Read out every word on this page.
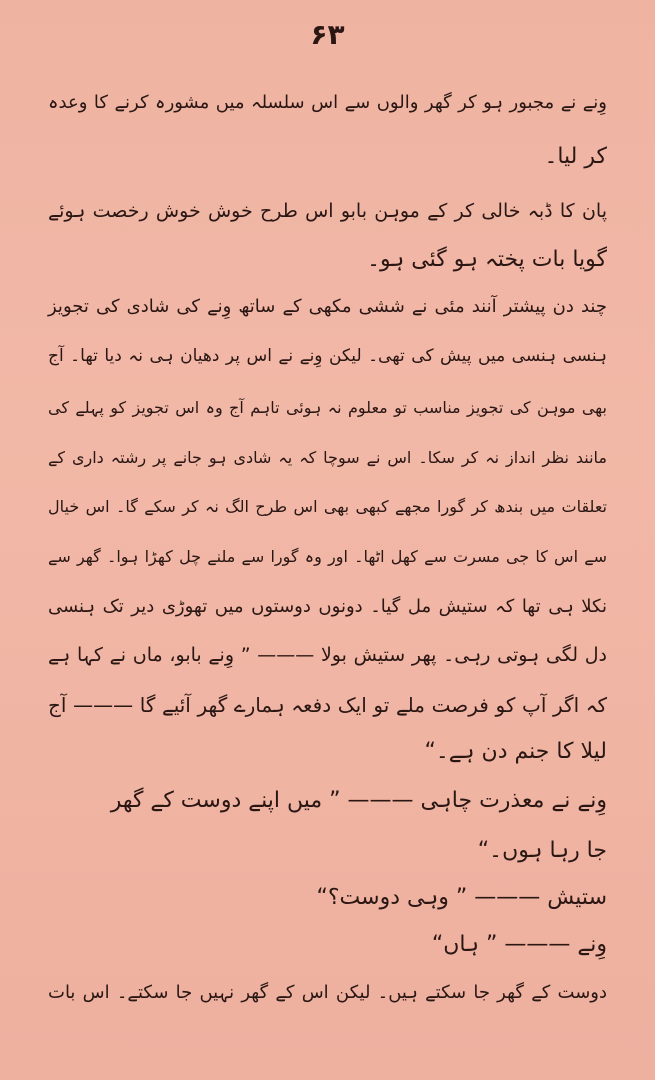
۶۳
وِنے نے مجبور ہو کر گھر والوں سے اس سلسلہ میں مشورہ کرنے کا وعدہ
کر لیا۔
پان کا ڈبہ خالی کر کے موہن بابو اس طرح خوش خوش رخصت ہوئے
گویا بات پختہ ہو گئی ہو۔
چند دن پیشتر آنند مئی نے ششی مکھی کے ساتھ وِنے کی شادی کی تجویز
ہنسی ہنسی میں پیش کی تھی۔ لیکن وِنے نے اس پر دھیان ہی نہ دیا تھا۔ آج
بھی موہن کی تجویز مناسب تو معلوم نہ ہوئی تاہم آج وہ اس تجویز کو پہلے کی
مانند نظر انداز نہ کر سکا۔ اس نے سوچا کہ یہ شادی ہو جانے پر رشتہ داری کے
تعلقات میں بندھ کر گورا مجھے کبھی بھی اس طرح الگ نہ کر سکے گا۔ اس خیال
سے اس کا جی مسرت سے کھل اٹھا۔ اور وہ گورا سے ملنے چل کھڑا ہوا۔ گھر سے
نکلا ہی تھا کہ ستیش مل گیا۔ دونوں دوستوں میں تھوڑی دیر تک ہنسی
دل لگی ہوتی رہی۔ پھر ستیش بولا ——— ” وِنے بابو، ماں نے کہا ہے
کہ اگر آپ کو فرصت ملے تو ایک دفعہ ہمارے گھر آئیے گا ——— آج
لیلا کا جنم دن ہے۔“
وِنے نے معذرت چاہی ——— ” میں اپنے دوست کے گھر
جا رہا ہوں۔“
ستیش ——— ” وہی دوست؟“
وِنے ——— ” ہاں“
دوست کے گھر جا سکتے ہیں۔ لیکن اس کے گھر نہیں جا سکتے۔ اس بات
